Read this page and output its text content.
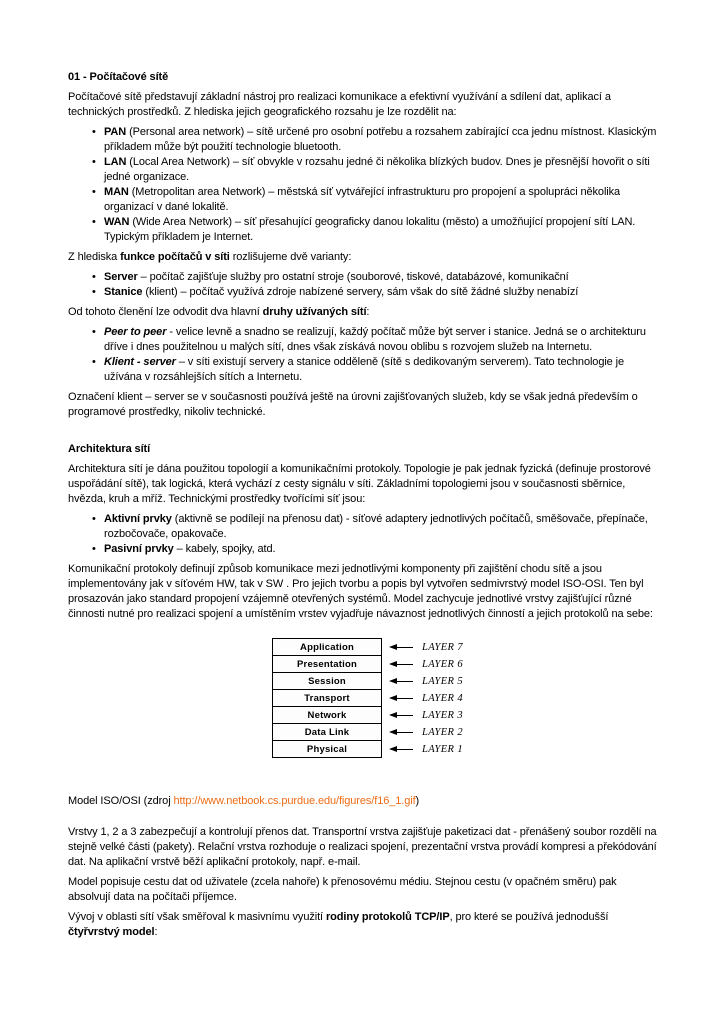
01 - Počítačové sítě
Počítačové sítě představují základní nástroj pro realizaci komunikace a efektivní využívání a sdílení dat, aplikací a technických prostředků. Z hlediska jejich geografického rozsahu je lze rozdělit na:
• PAN (Personal area network) – sítě určené pro osobní potřebu a rozsahem zabírající cca jednu místnost. Klasickým příkladem může být použití technologie bluetooth.
• LAN (Local Area Network) – síť obvykle v rozsahu jedné či několika blízkých budov. Dnes je přesnější hovořit o síti jedné organizace.
• MAN (Metropolitan area Network) – městská síť vytvářející infrastrukturu pro propojení a spolupráci několika organizací v dané lokalitě.
• WAN (Wide Area Network) – síť přesahující geograficky danou lokalitu (město) a umožňující propojení sítí LAN. Typickým příkladem je Internet.
Z hlediska funkce počítačů v síti rozlišujeme dvě varianty:
• Server – počítač zajišťuje služby pro ostatní stroje (souborové, tiskové, databázové, komunikační
• Stanice (klient) – počítač využívá zdroje nabízené servery, sám však do sítě žádné služby nenabízí
Od tohoto členění lze odvodit dva hlavní druhy užívaných sítí:
• Peer to peer - velice levně a snadno se realizují, každý počítač může být server i stanice. Jedná se o architekturu dříve i dnes použitelnou u malých sítí, dnes však získává novou oblibu s rozvojem služeb na Internetu.
• Klient - server – v síti existují servery a stanice odděleně (sítě s dedikovaným serverem). Tato technologie je užívána v rozsáhlejších sítích a Internetu.
Označení klient – server se v současnosti používá ještě na úrovni zajišťovaných služeb, kdy se však jedná především o programové prostředky, nikoliv technické.
Architektura sítí
Architektura sítí je dána použitou topologií a komunikačními protokoly. Topologie je pak jednak fyzická (definuje prostorové uspořádání sítě), tak logická, která vychází z cesty signálu v síti. Základními topologiemi jsou v současnosti sběrnice, hvězda, kruh a mříž. Technickými prostředky tvořícími síť jsou:
• Aktivní prvky (aktivně se podílejí na přenosu dat) - síťové adaptery jednotlivých počítačů, směšovače, přepínače, rozbočovače, opakovače.
• Pasivní prvky – kabely, spojky, atd.
Komunikační protokoly definují způsob komunikace mezi jednotlivými komponenty při zajištění chodu sítě a jsou implementovány jak v síťovém HW, tak v SW . Pro jejich tvorbu a popis byl vytvořen sedmivrstvý model ISO-OSI. Ten byl prosazován jako standard propojení vzájemně otevřených systémů. Model zachycuje jednotlivé vrstvy zajišťující různé činnosti nutné pro realizaci spojení a umístěním vrstev vyjadřuje návaznost jednotlivých činností a jejich protokolů na sebe:
Application	LAYER 7
Presentation	LAYER 6
Session	LAYER 5
Transport	LAYER 4
Network	LAYER 3
Data Link	LAYER 2
Physical	LAYER 1
Model ISO/OSI (zdroj http://www.netbook.cs.purdue.edu/figures/f16_1.gif)
Vrstvy 1, 2 a 3 zabezpečují a kontrolují přenos dat. Transportní vrstva zajišťuje paketizaci dat - přenášený soubor rozdělí na stejně velké části (pakety). Relační vrstva rozhoduje o realizaci spojení, prezentační vrstva provádí kompresi a překódování dat. Na aplikační vrstvě běží aplikační protokoly, např. e-mail.
Model popisuje cestu dat od uživatele (zcela nahoře) k přenosovému médiu. Stejnou cestu (v opačném směru) pak absolvují data na počítači příjemce.
Vývoj v oblasti sítí však směřoval k masivnímu využití rodiny protokolů TCP/IP, pro které se používá jednodušší čtyřvrstvý model:
